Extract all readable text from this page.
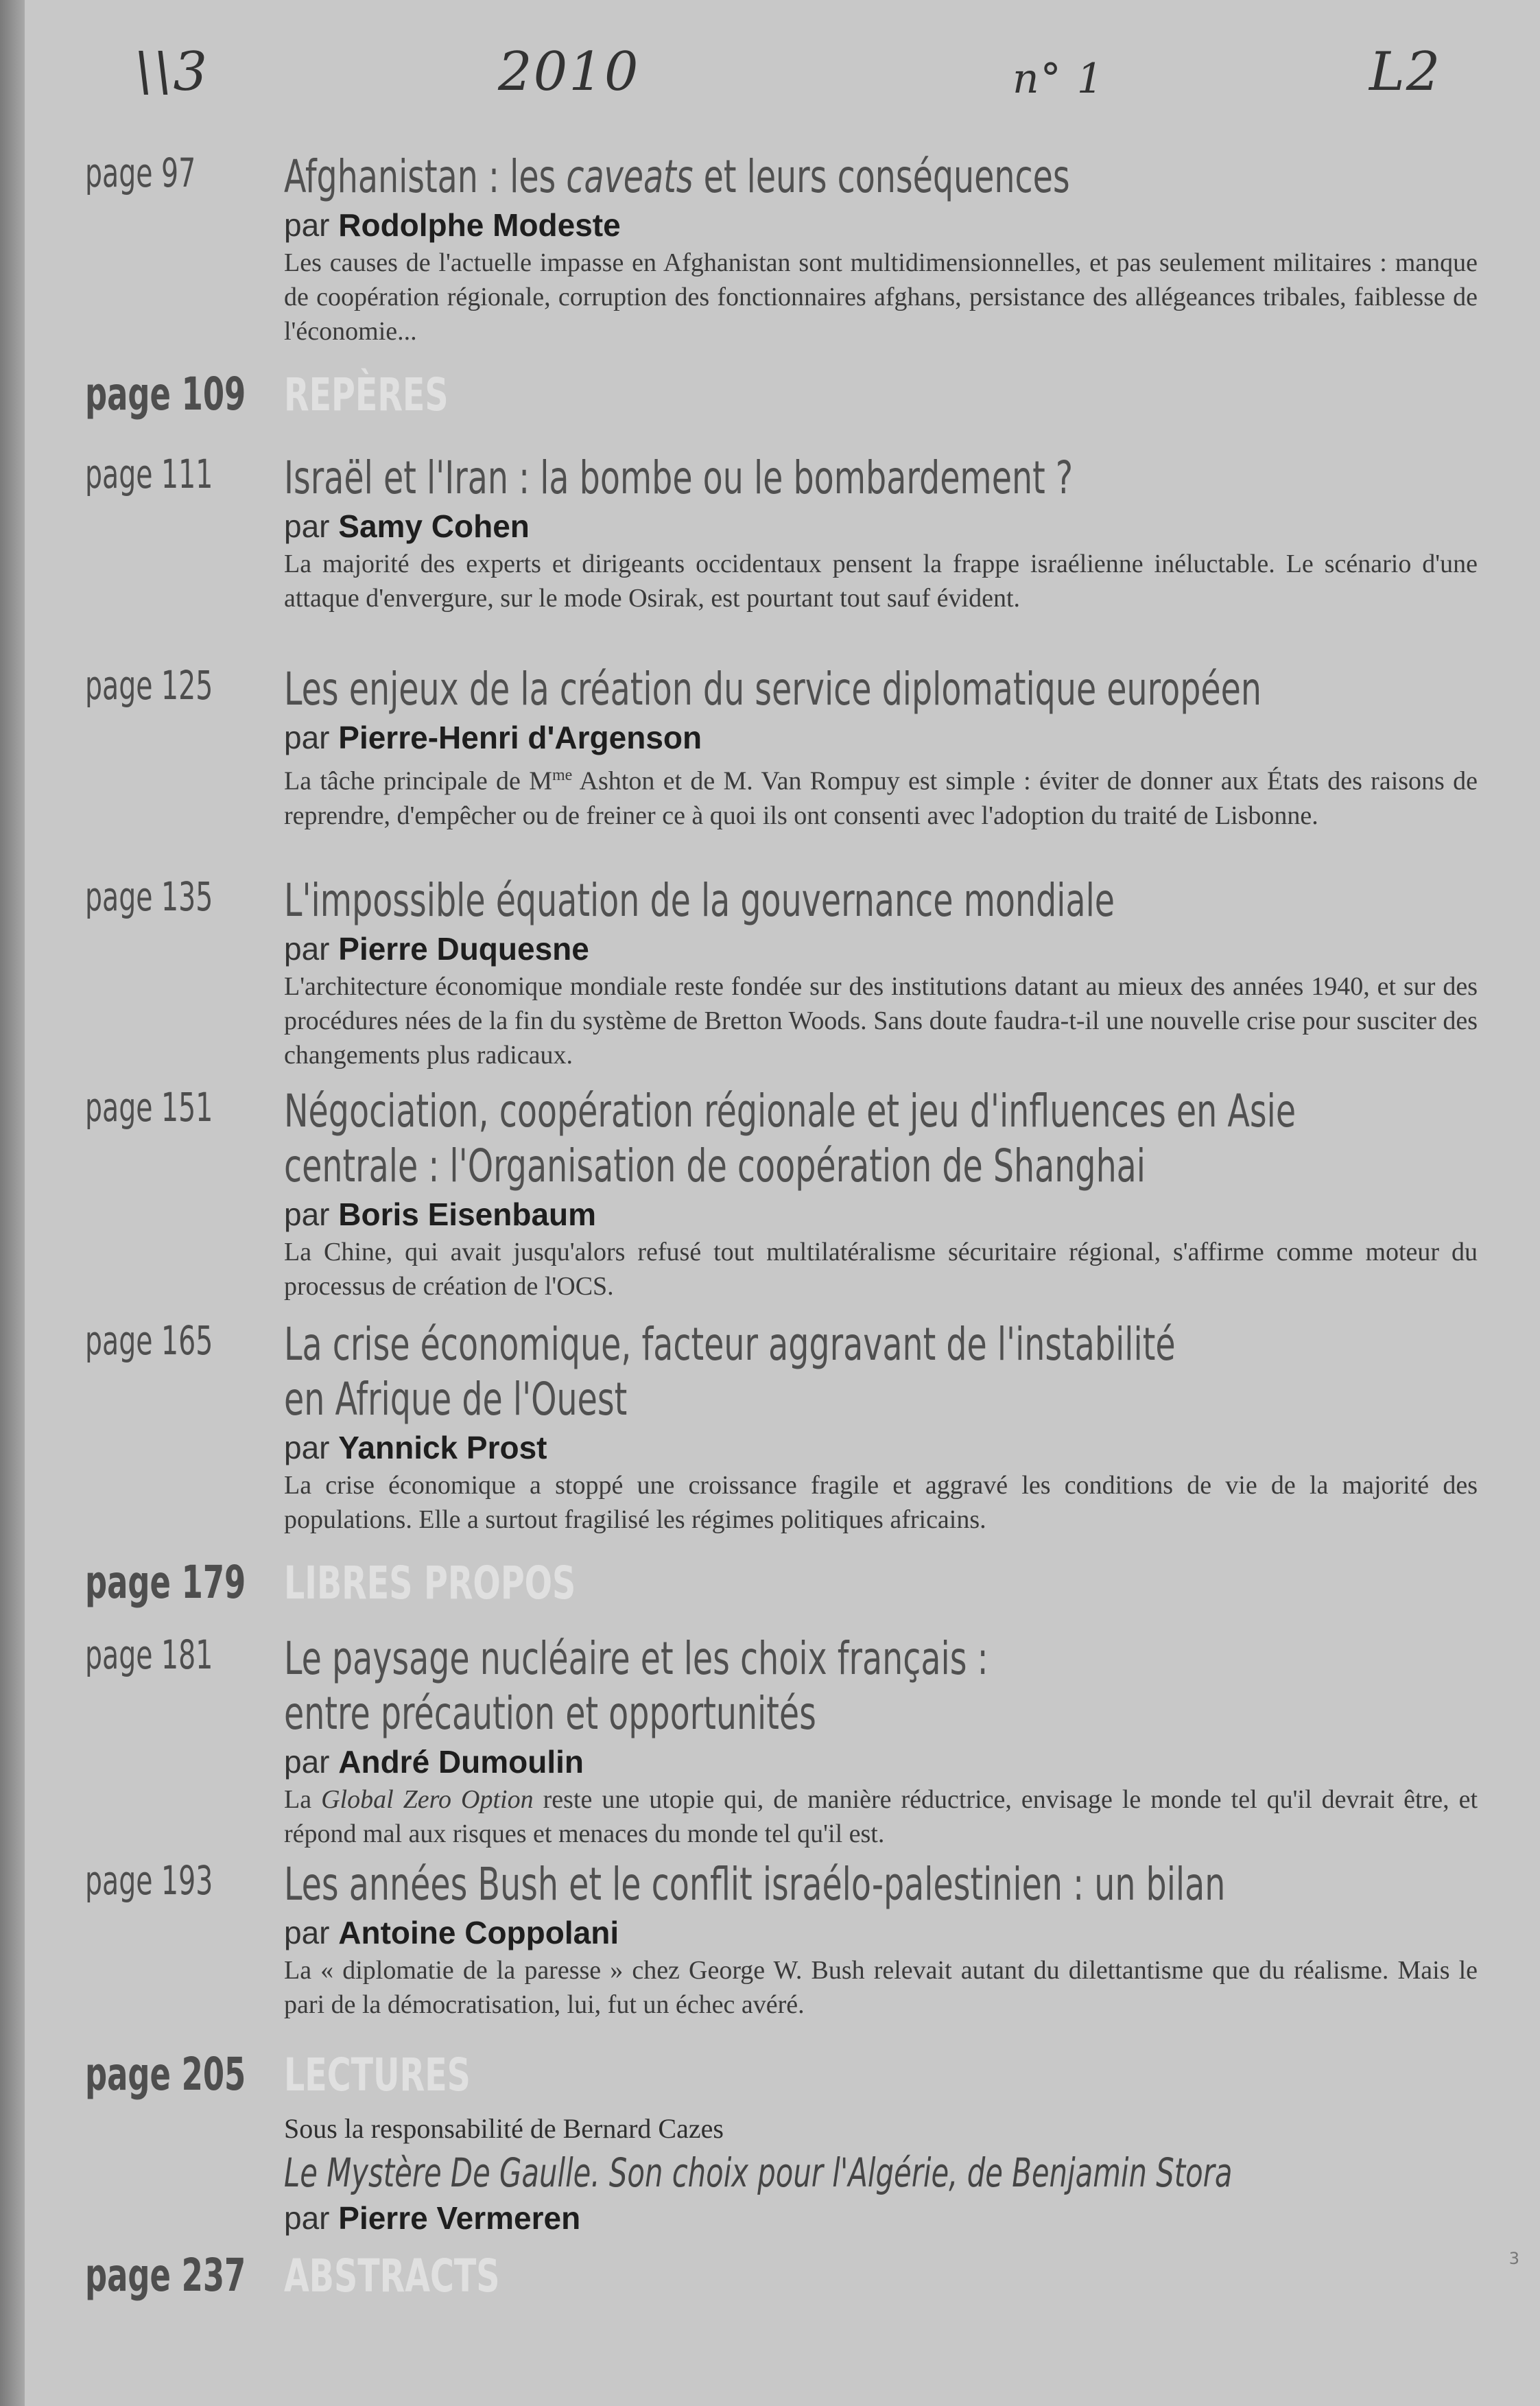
\\3	2010	n° 1	L2
page 97 Afghanistan : les caveats et leurs conséquences
par Rodolphe Modeste
Les causes de l'actuelle impasse en Afghanistan sont multidimensionnelles, et pas seulement militaires : manque de coopération régionale, corruption des fonctionnaires afghans, persistance des allégeances tribales, faiblesse de l'économie...
page 109 REPÈRES
page 111 Israël et l'Iran : la bombe ou le bombardement ?
par Samy Cohen
La majorité des experts et dirigeants occidentaux pensent la frappe israélienne inéluctable. Le scénario d'une attaque d'envergure, sur le mode Osirak, est pourtant tout sauf évident.
page 125 Les enjeux de la création du service diplomatique européen
par Pierre-Henri d'Argenson
La tâche principale de $M^{me}$ Ashton et de M. Van Rompuy est simple : éviter de donner aux États des raisons de reprendre, d'empêcher ou de freiner ce à quoi ils ont consenti avec l'adoption du traité de Lisbonne.
page 135 L'impossible équation de la gouvernance mondiale
par Pierre Duquesne
L'architecture économique mondiale reste fondée sur des institutions datant au mieux des années 1940, et sur des procédures nées de la fin du système de Bretton Woods. Sans doute faudra-t-il une nouvelle crise pour susciter des changements plus radicaux.
page 151 Négociation, coopération régionale et jeu d'influences en Asie
centrale : l'Organisation de coopération de Shanghai
par Boris Eisenbaum
La Chine, qui avait jusqu'alors refusé tout multilatéralisme sécuritaire régional, s'affirme comme moteur du processus de création de l'OCS.
page 165 La crise économique, facteur aggravant de l'instabilité
en Afrique de l'Ouest
par Yannick Prost
La crise économique a stoppé une croissance fragile et aggravé les conditions de vie de la majorité des populations. Elle a surtout fragilisé les régimes politiques africains.
page 179 LIBRES PROPOS
page 181 Le paysage nucléaire et les choix français :
entre précaution et opportunités
par André Dumoulin
La Global Zero Option reste une utopie qui, de manière réductrice, envisage le monde tel qu'il devrait être, et répond mal aux risques et menaces du monde tel qu'il est.
page 193 Les années Bush et le conflit israélo-palestinien : un bilan
par Antoine Coppolani
La « diplomatie de la paresse » chez George W. Bush relevait autant du dilettantisme que du réalisme. Mais le pari de la démocratisation, lui, fut un échec avéré.
page 205 LECTURES
Sous la responsabilité de Bernard Cazes
Le Mystère De Gaulle. Son choix pour l'Algérie, de Benjamin Stora
par Pierre Vermeren
page 237 ABSTRACTS	3
